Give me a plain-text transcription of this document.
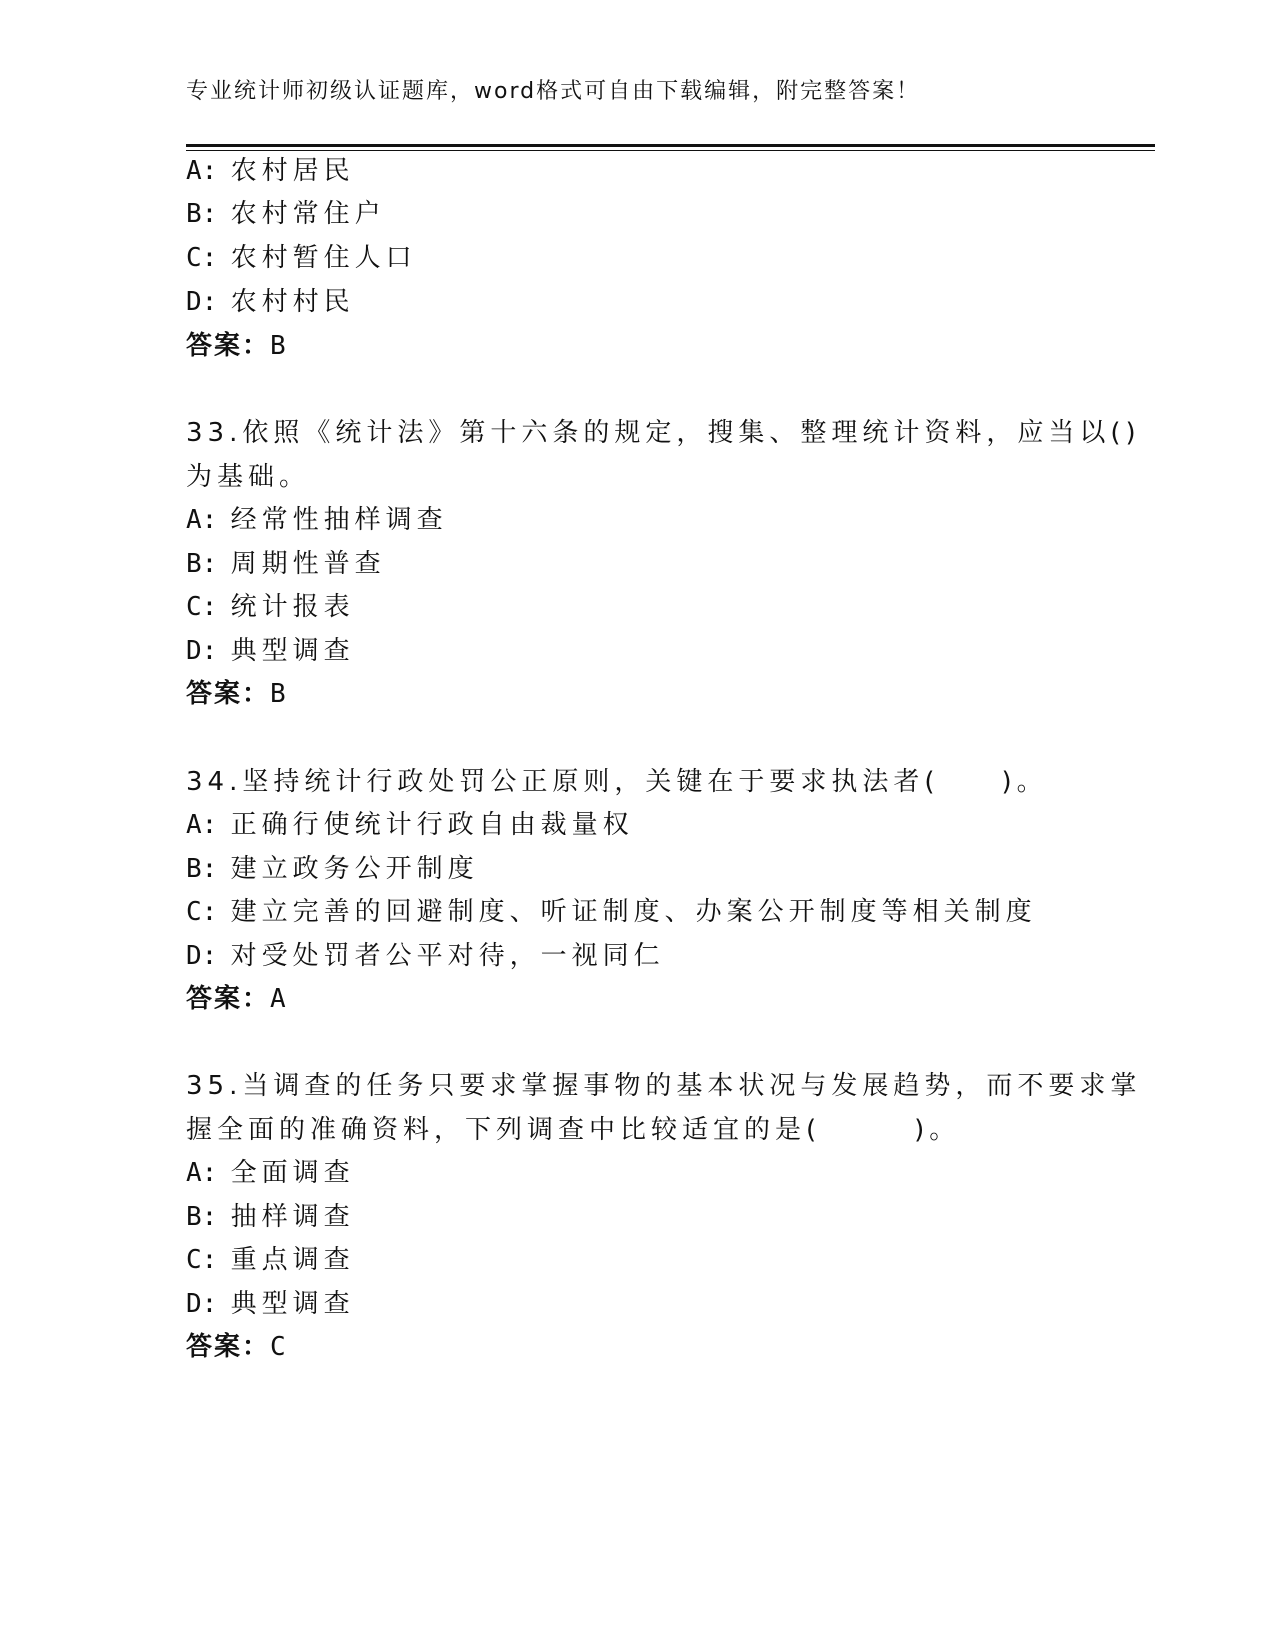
专业统计师初级认证题库，word格式可自由下载编辑，附完整答案！
A: 农村居民
B: 农村常住户
C: 农村暂住人口
D: 农村村民
答案：B
33.依照《统计法》第十六条的规定，搜集、整理统计资料，应当以()
为基础。
A: 经常性抽样调查
B: 周期性普查
C: 统计报表
D: 典型调查
答案：B
34.坚持统计行政处罚公正原则，关键在于要求执法者(　　)。
A: 正确行使统计行政自由裁量权
B: 建立政务公开制度
C: 建立完善的回避制度、听证制度、办案公开制度等相关制度
D: 对受处罚者公平对待，一视同仁
答案：A
35.当调查的任务只要求掌握事物的基本状况与发展趋势，而不要求掌
握全面的准确资料，下列调查中比较适宜的是(　　　)。
A: 全面调查
B: 抽样调查
C: 重点调查
D: 典型调查
答案：C
